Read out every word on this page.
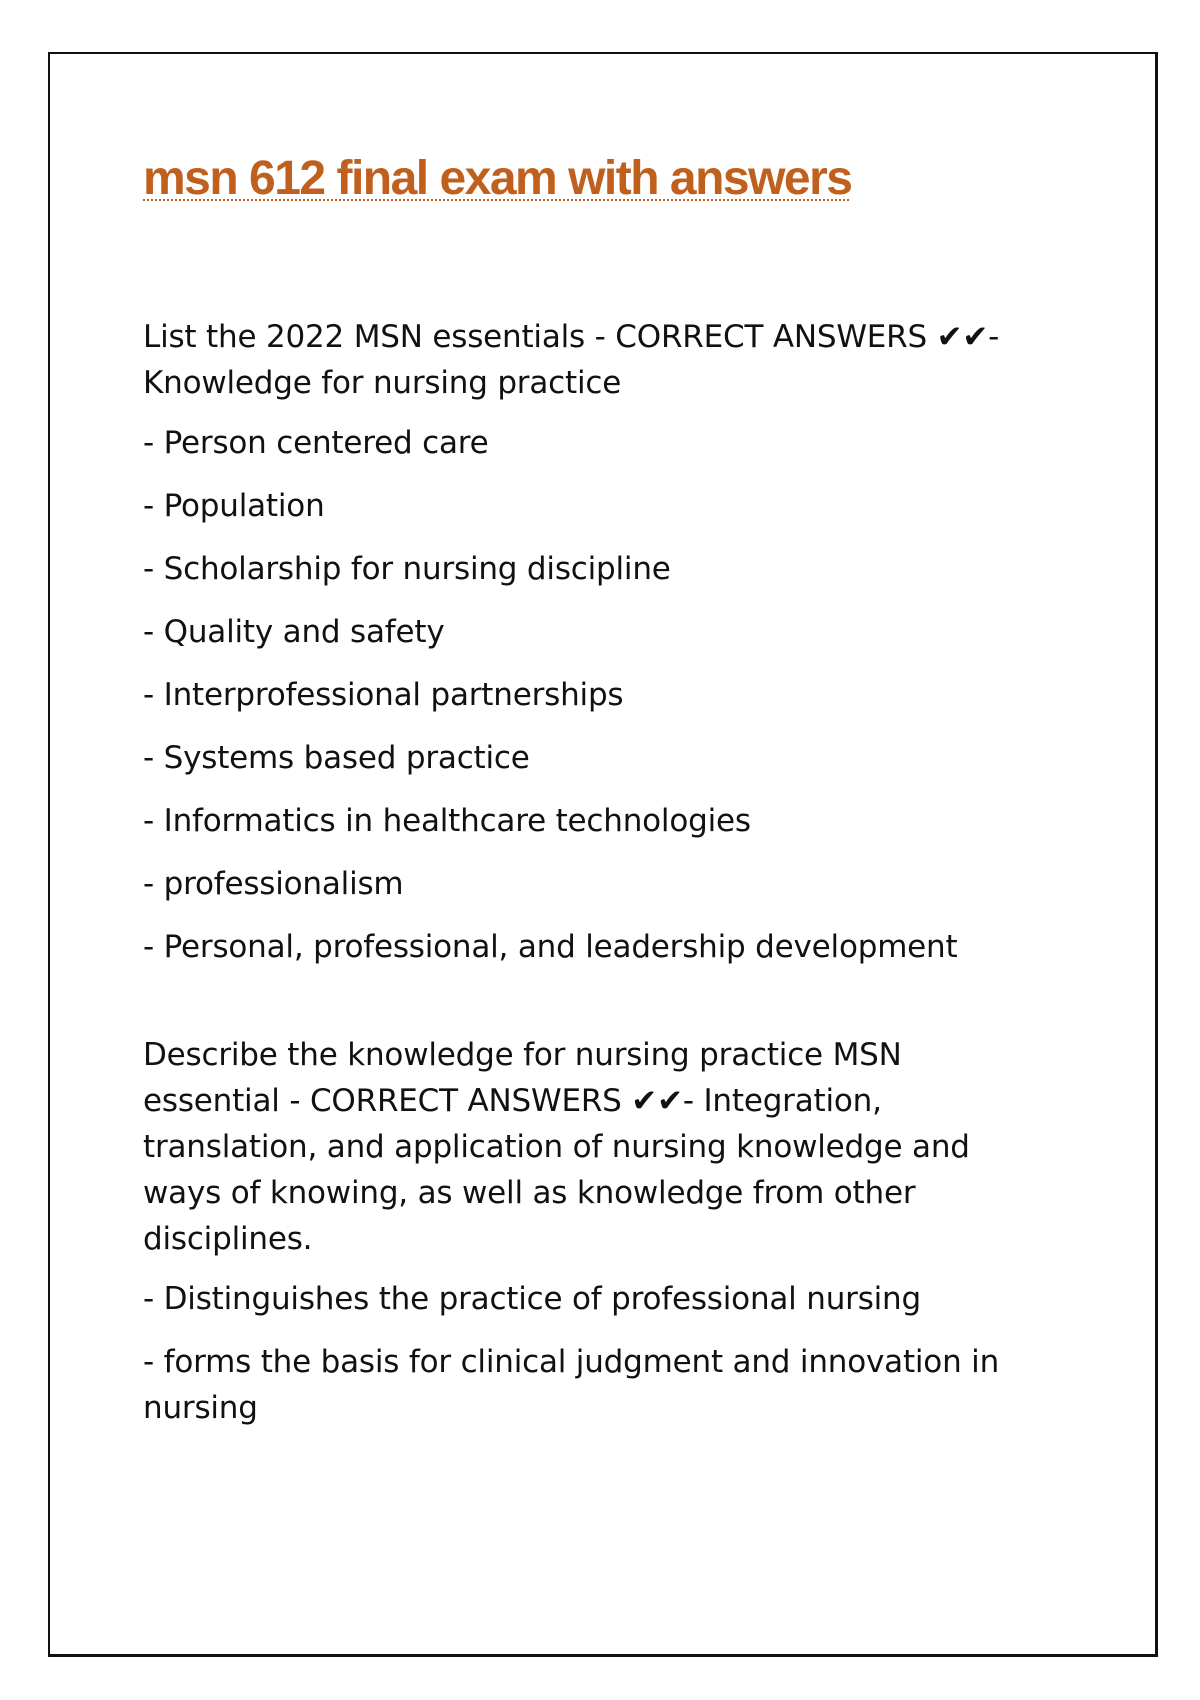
msn 612 final exam with answers

List the 2022 MSN essentials - CORRECT ANSWERS ✔✔- Knowledge for nursing practice

- Person centered care
- Population
- Scholarship for nursing discipline
- Quality and safety
- Interprofessional partnerships
- Systems based practice
- Informatics in healthcare technologies
- professionalism
- Personal, professional, and leadership development

Describe the knowledge for nursing practice MSN essential - CORRECT ANSWERS ✔✔- Integration, translation, and application of nursing knowledge and ways of knowing, as well as knowledge from other disciplines.

- Distinguishes the practice of professional nursing
- forms the basis for clinical judgment and innovation in nursing
